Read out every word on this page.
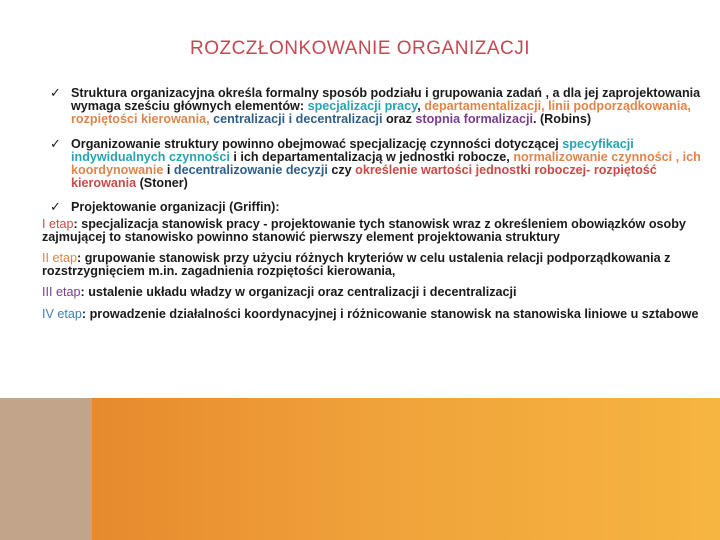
ROZCZŁONKOWANIE ORGANIZACJI
✓ Struktura organizacyjna określa formalny sposób podziału i grupowania zadań , a dla jej zaprojektowania wymaga sześciu głównych elementów: specjalizacji pracy, departamentalizacji, linii podporządkowania, rozpiętości kierowania, centralizacji i decentralizacji oraz stopnia formalizacji. (Robins)
✓ Organizowanie struktury powinno obejmować specjalizację czynności dotyczącej specyfikacji indywidualnych czynności i ich departamentalizacją w jednostki robocze, normalizowanie czynności , ich koordynowanie i decentralizowanie decyzji czy określenie wartości jednostki roboczej- rozpiętość kierowania (Stoner)
✓ Projektowanie organizacji (Griffin):
I etap: specjalizacja stanowisk pracy - projektowanie tych stanowisk wraz z określeniem obowiązków osoby zajmującej to stanowisko powinno stanowić pierwszy element projektowania struktury
II etap: grupowanie stanowisk przy użyciu różnych kryteriów w celu ustalenia relacji podporządkowania z rozstrzygnięciem m.in. zagadnienia rozpiętości kierowania,
III etap: ustalenie układu władzy w organizacji oraz centralizacji i decentralizacji
IV etap: prowadzenie działalności koordynacyjnej i różnicowanie stanowisk na stanowiska liniowe u sztabowe
